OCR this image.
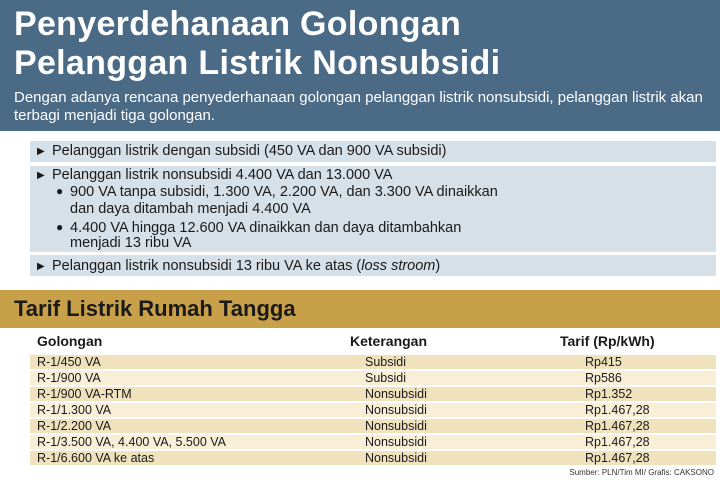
Penyerdehanaan Golongan
Pelanggan Listrik Nonsubsidi
Dengan adanya rencana penyederhanaan golongan pelanggan listrik nonsubsidi, pelanggan listrik akan terbagi menjadi tiga golongan.
▶ Pelanggan listrik dengan subsidi (450 VA dan 900 VA subsidi)
▶ Pelanggan listrik nonsubsidi 4.400 VA dan 13.000 VA
● 900 VA tanpa subsidi, 1.300 VA, 2.200 VA, dan 3.300 VA dinaikkan
dan daya ditambah menjadi 4.400 VA
● 4.400 VA hingga 12.600 VA dinaikkan dan daya ditambahkan
menjadi 13 ribu VA
▶ Pelanggan listrik nonsubsidi 13 ribu VA ke atas (loss stroom)
Tarif Listrik Rumah Tangga
Golongan	Keterangan	Tarif (Rp/kWh)
R-1/450 VA	Subsidi	Rp415
R-1/900 VA	Subsidi	Rp586
R-1/900 VA-RTM	Nonsubsidi	Rp1.352
R-1/1.300 VA	Nonsubsidi	Rp1.467,28
R-1/2.200 VA	Nonsubsidi	Rp1.467,28
R-1/3.500 VA, 4.400 VA, 5.500 VA	Nonsubsidi	Rp1.467,28
R-1/6.600 VA ke atas	Nonsubsidi	Rp1.467,28
Sumber: PLN/Tim MI/ Grafis: CAKSONO
